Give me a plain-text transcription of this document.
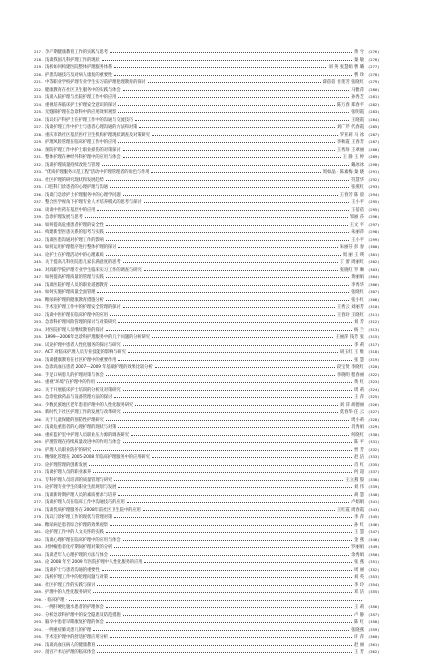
217. 孕产期健康教育工作的实践与思考	黄 兮 (276)
218. 浅谈我国儿科护理工作的现状	秦 敏 (278)
219. 浅析如何构建医院整体护理服务体系	刘 英 张慧娟 曹 璐 (277)
220. 护患沟通技巧及对病人康复的重要性	曹 珍 (278)
221. 中等职业学校护理专业学生实习前护理伦理教育的探讨	薛蓓蓓 甘莲芳 张晓红 (279)
222. 健康教育在社区卫生服务中的实践与体会	马雅萍 (280)
223. 浅谈入院护理与出院护理工作中的应用	孙秀芝 (281)
224. 重视培养临床护士护理安全意识的探讨	陈万春 郑春平 (282)
225. 无缝隙护理在急诊科中的应用效果观察	张明霞 (283)
226. 浅议妇产科护士在护理工作中的沟通与交流技巧	王晓霞 (284)
227. 浅谈护理工作中护士与患者心理沟通的方法和对策	刘广芹 代春霞 (285)
228. 重庆市新社区基层医疗卫生机构护理现状调查及对策研究	罗亚莉 马 冰 (287)
229. 护理风险管理在临床护理工作中的应用	李秋霞 王春芳 (287)
230. 预防护理工作中护士职业损伤的对策探讨	王秀珍 王翠丽 (288)
231. 整体护理在神经外科护理中的应用与体会	王 静 王 婷 (289)
232. 浅谈护理质量持续改进与管理	戴冰冰 (290)
233. "优质护理服务示范工程"活动中护理管理者的角色与作用	周如晶 · 陈素梅 秦 晓 (291)
234. 社区护理的研究现状和发展趋势	符慧华 (292)
235. 口腔科门诊患者的心理护理与沟通	张燕红 (293)
236. 浅谈门急诊护士护理服务中的心理学问题	王春芳 陈 晨 (294)
237. 整合医学视角下护理专业人才培养模式的思考与探讨	王小平 (295)
238. 谈谈中医药在基层中的应用	王蓓蓓 (295)
239. 急诊护理发展与思考	邹丽 莎 (296)
240. 如何提高危重患者护理的安全性	王文 平 (297)
241. 构建新型医患关系的思考与实践	朱丽萍 (298)
242. 浅谈医患沟通对护理工作的影响	王小平 (299)
243. 如何运用护理程序进行整体护理的探讨	朱丽芬 彭 春 (300)
244. 论护士在护理活动中的心理素质	周 丽 王 瑛 (301)
245. 关于提高儿科住院患儿家长满意度的思考	丁 蕾 周丽红 (302)
246. 对高职学院护理专业学生临床实习工作的调查与研究	张晓红 罗 琳 (303)
247. 如何提高护理质量的管理与实践	黄丽娟 (304)
248. 浅谈医院护理人员的职业道德教育	李秀华 (306)
249. 如何实施护理质量全面管理	张晓红 (307)
250. 糖尿病护理的健康教育措施分析	张小红 (308)
251. 手术室护理工作中的护理安全管理的探讨	王秀云 刘丽芳 (310)
252. 浅谈中医护理在临床护理中的应用	王春玲 王晓红 (311)
253. 急诊科护理风险管理的探讨与对策研究	刘 芳 (312)
254. 对医院护理人员继续教育的探讨	杨 兰 (313)
255. 1999—2006年急诊科护理服务中的几个问题的分析研究	王丽萍 钱芳 张 (315)
256. 试论护理中患者人性化服务的探讨与研究	李 莉 (317)
257. ACT 对临床护理人员专业技能的影响与研究	胡玉红 王 维 (318)
258. 浅谈健康教育在社区护理中的重要作用	张 慧 (319)
259. 急诊高血压患者 2007—2009 年基础护理的效果比较分析	段宝贤 李晓红 (320)
260. 手足口病患儿的护理对策与体会	李晓明 程春丽 (322)
261. 重视"环境"在护理中的作用	黄 红 (323)
262. 关于开展临床护士培训的分析及对策研究	周 莉 (324)
263. 急诊抢救药品与设备管理方法的探讨	王 萍 (325)
264. 少数民族地区老年患者护理中的人性化服务研究	刘 萍 胡德丽 (326)
265. 新时代下社区护理工作的发展与改革研究	莫春华 任 云 (327)
266. 关于儿童保健的预防性护理研究	周小莉 (328)
267. 浅谈危重患者的心理护理的现状与对策	肖秀娟 (329)
268. 重症监护室中护理人员职业压力源的调查研究	何晓红 (330)
269. 护理管理在持续质量改进中的作用与体会	陈 平 (331)
270. 护理人员职业防护的研究	贾 芳 (332)
271. 精细化管理在 2005-2008 年临床护理服务中的应用研究	赵 洁 (333)
272. 论护理管理的创新发展	肖 红 (335)
273. 浅谈护理人员的职业素养	何 超 (337)
274. 专科护理人员培训的质量管理与研究	王立燕 殷 (338)
275. 论护理专业学生的职业生涯规划与发展	刘 伟 (339)
276. 浅谈新时期护理人员的素质要求与培养	胡 慧 (340)
277. 浅谈护理人员在临床工作中沟通技巧的应用	卢娟娟 (341)
278. 浅谈优质护理服务在 2008年前社区卫生院中的应用	王红霞 周春霞 (343)
279. 浅议门诊护理工作的现状与管理对策	李 萍 (345)
280. 糖尿病足患者综合护理的效果观察	孙 红 (346)
281. 论护理工作中的人文关怀的实践	王 慧 (347)
282. 浅谈心理护理在临床护理中的应用与体会	金 燕 (348)
283. 对肿瘤患者化疗期间护理对策的分析	罗丽娟 (349)
284. 浅谈老年人心理护理的方法与体会	余秀娟 (350)
285. 论 2008 年至 2009 年医院护理中人性化服务的应用	张 燕 (351)
286. 浅谈护士与患者沟通的重要性	周 丽 (352)
287. 浅析护理工作中的伦理问题与对策	刘 英 (353)
288. 社区护理工作的实践与探讨	李 玲 (354)
289. 护理中的人性化服务研究	邓 洁 (355)
290. · 临床护理 ·
291. 一例肝硬化腹水患者的护理体会	王 莉 (356)
292. 分析急诊科护理中的安全隐患及防范措施	卢 静 (357)
293. 脑卒中患者早期康复护理的体会	陈 红 (358)
294. 一例重症肺炎患儿的护理	张晓燕 (359)
295. 手术室护理中的舒适护理应用分析	许 萍 (360)
296. 浅谈高血压病人的健康教育	赵 丽 (361)
297. 剖宫产术后护理的临床体会	王 芳 (362)
